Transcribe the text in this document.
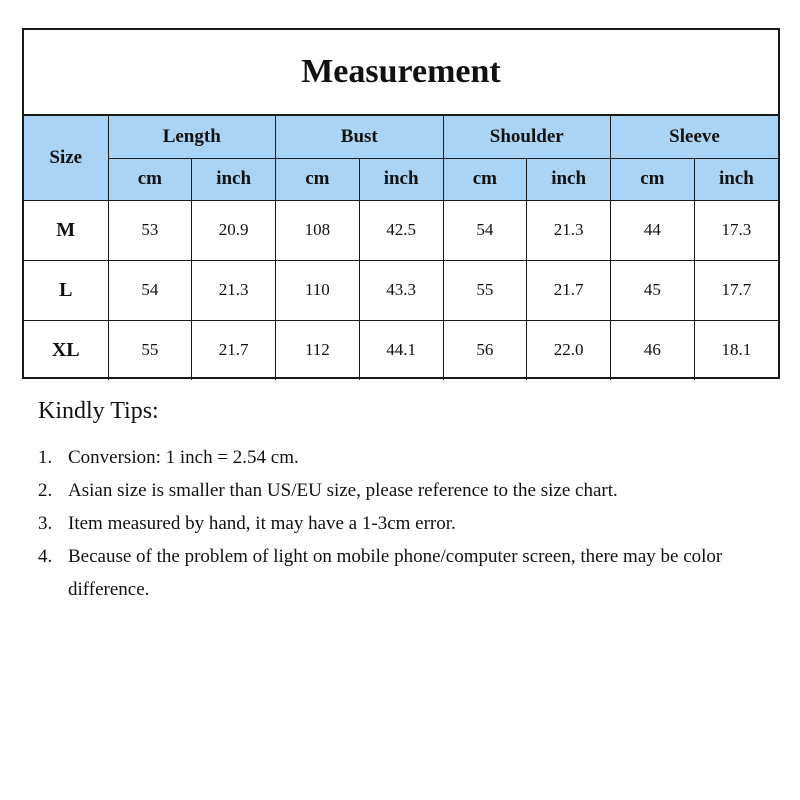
Measurement
Size	Length		Bust		Shoulder		Sleeve	
	cm	inch	cm	inch	cm	inch	cm	inch
M	53	20.9	108	42.5	54	21.3	44	17.3
L	54	21.3	110	43.3	55	21.7	45	17.7
XL	55	21.7	112	44.1	56	22.0	46	18.1
Kindly Tips:
1. Conversion: 1 inch = 2.54 cm.
2. Asian size is smaller than US/EU size, please reference to the size chart.
3. Item measured by hand, it may have a 1-3cm error.
4. Because of the problem of light on mobile phone/computer screen, there may be color difference.
